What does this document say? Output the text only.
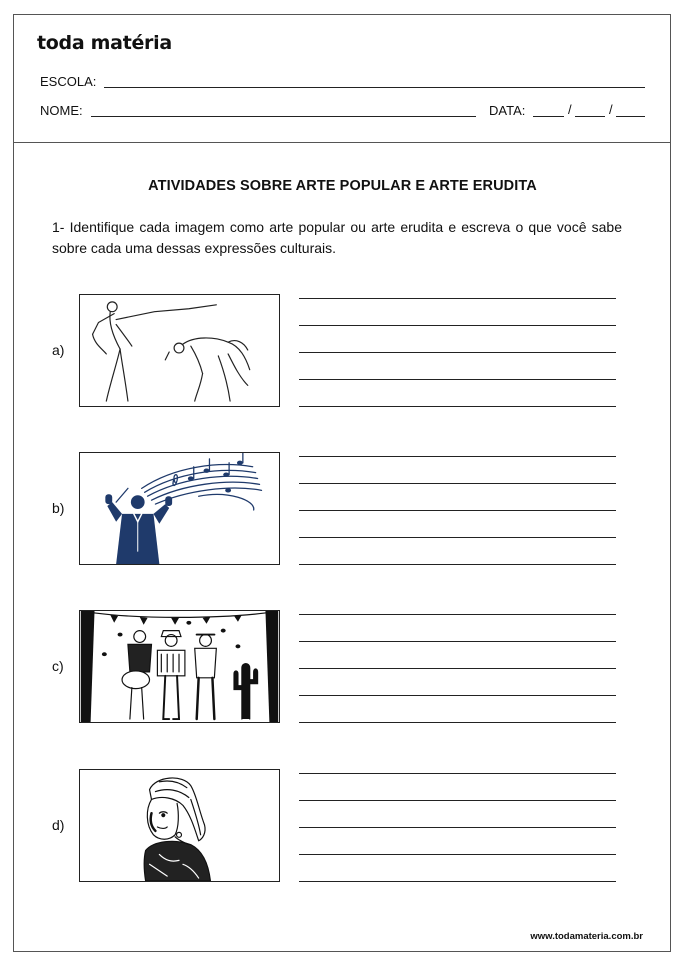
toda matéria
ESCOLA:
NOME:	DATA:	/	/
ATIVIDADES SOBRE ARTE POPULAR E ARTE ERUDITA
1- Identifique cada imagem como arte popular ou arte erudita e escreva o que você sabe sobre cada uma dessas expressões culturais.
a)
b)
c)
d)
www.todamateria.com.br
